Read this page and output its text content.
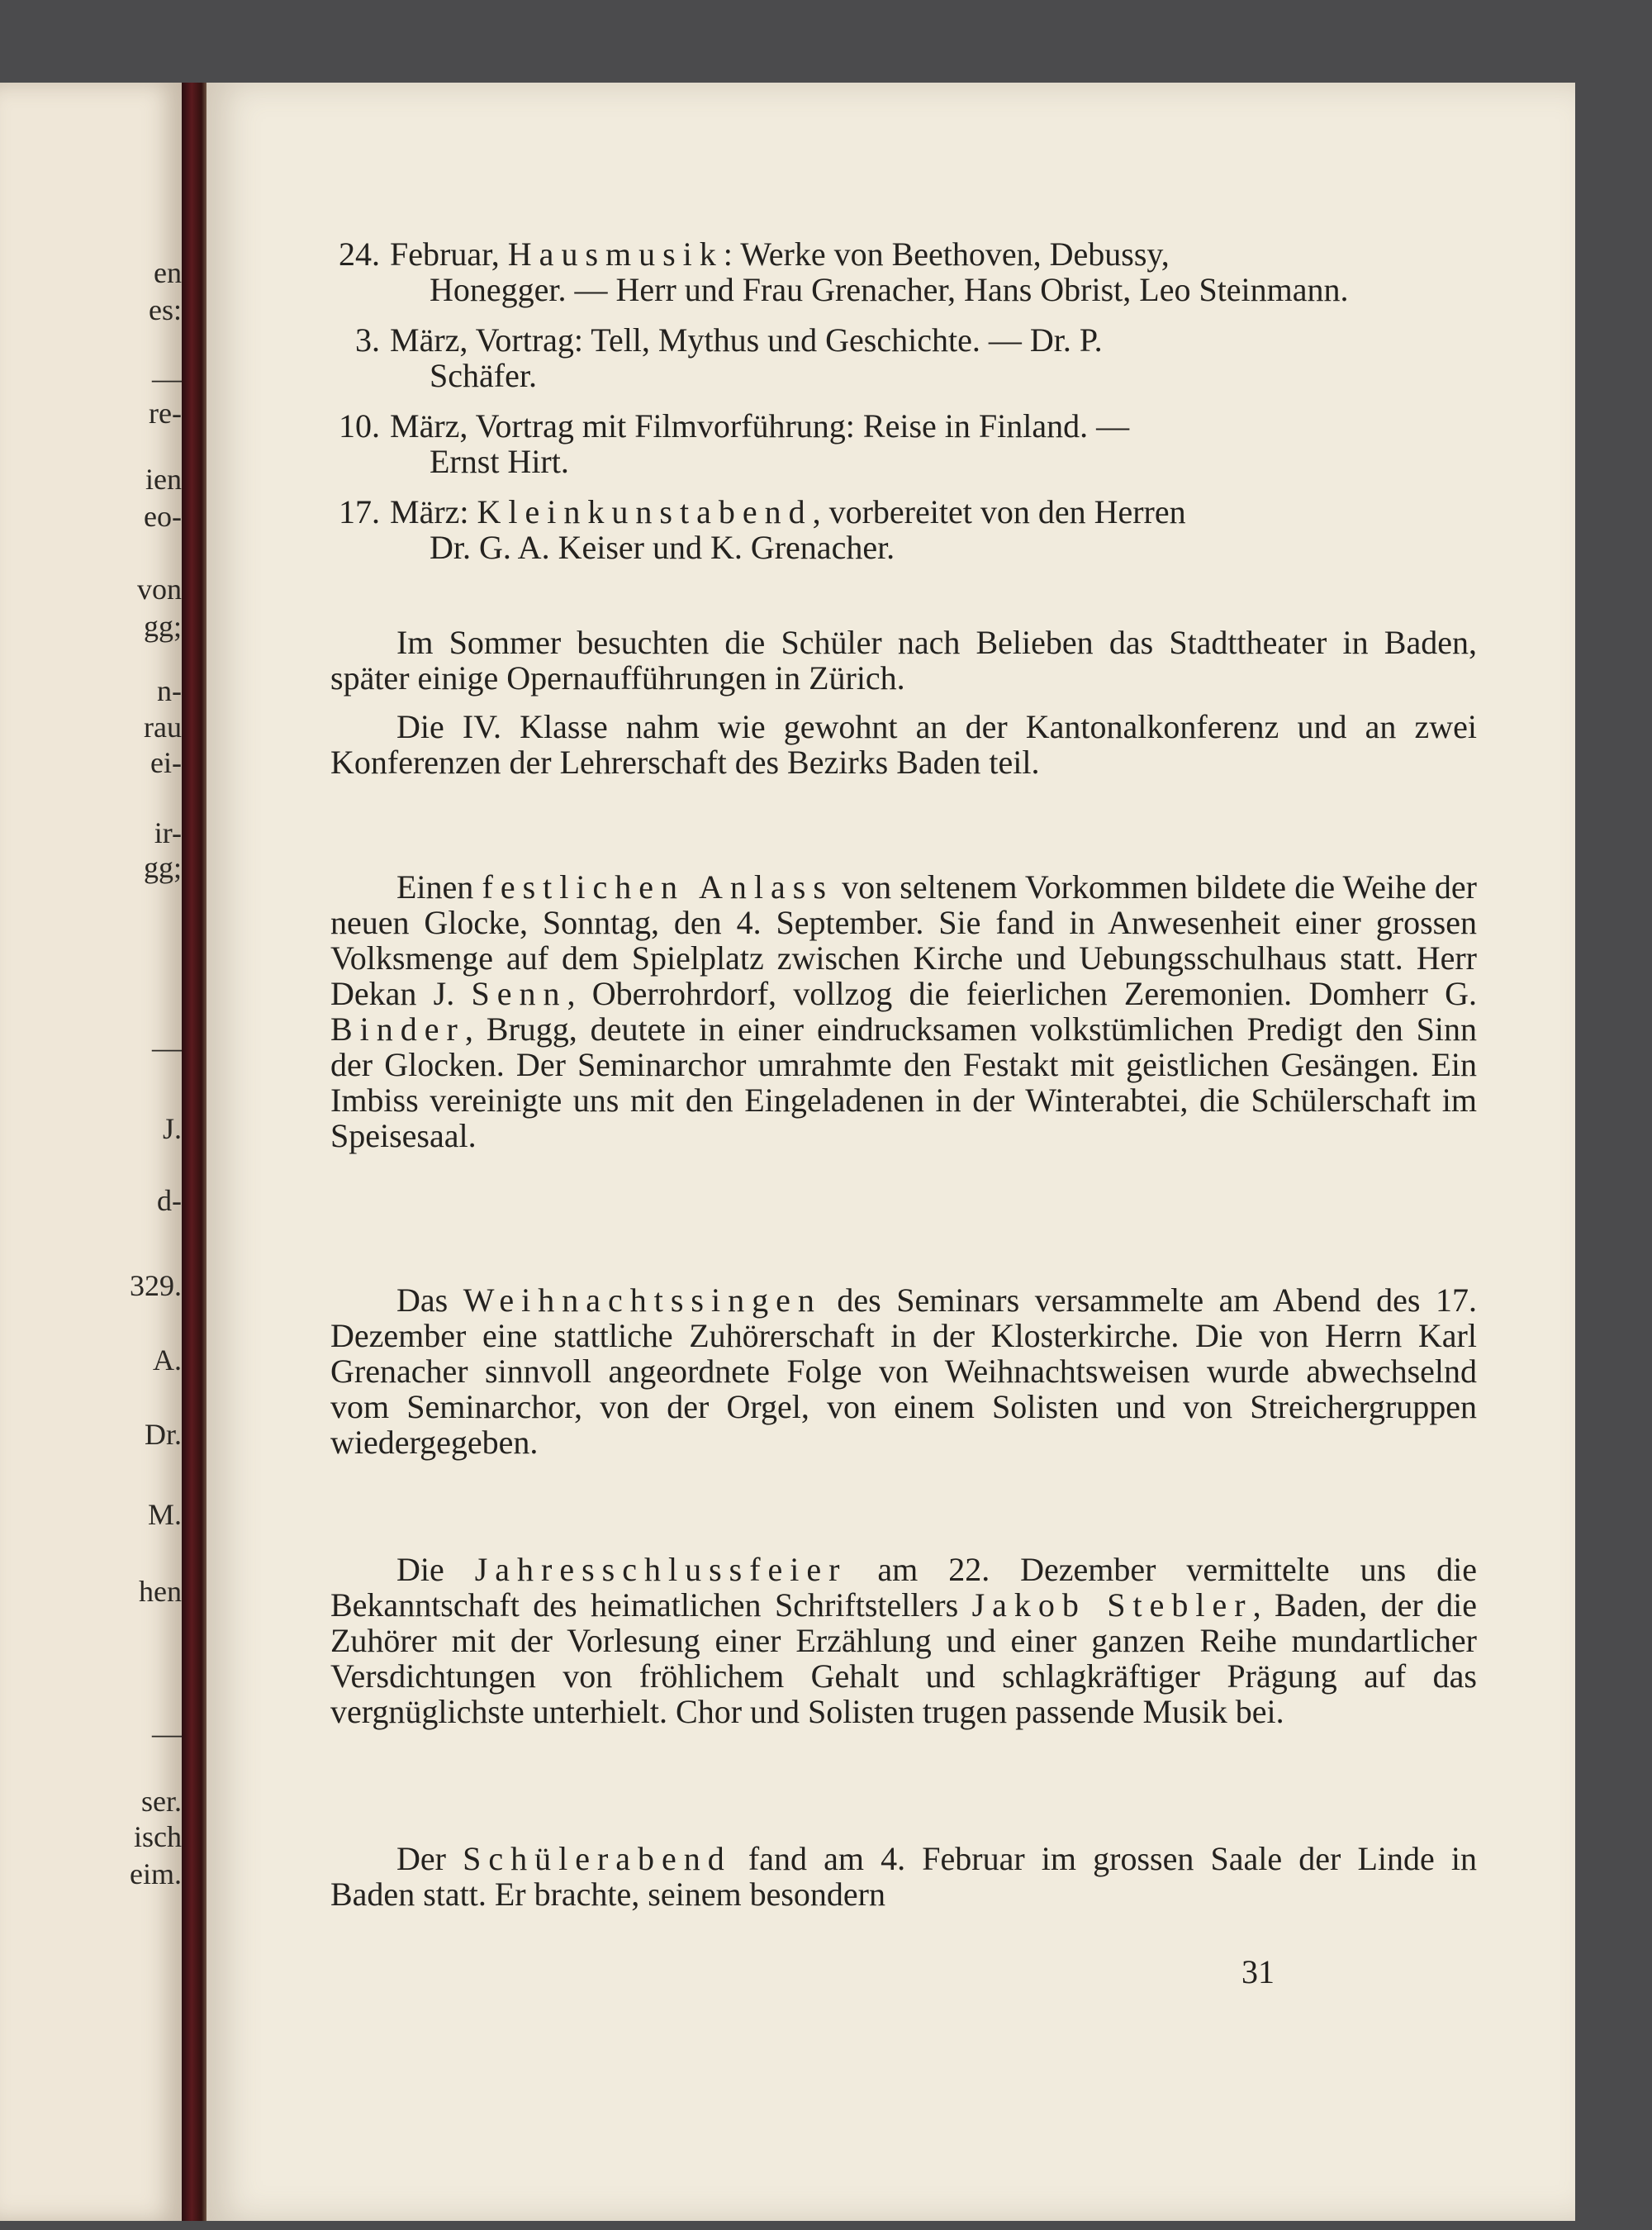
en
es:
—
re-
ien
eo-
von
gg;
n-
rau
ei-
ir-
gg;
—
J.
d-
329.
A.
Dr.
M.
hen
—
ser.
isch
eim.
24. Februar, Hausmusik: Werke von Beethoven, Debussy,
Honegger. — Herr und Frau Grenacher, Hans Obrist, Leo Steinmann.
3. März, Vortrag: Tell, Mythus und Geschichte. — Dr. P.
Schäfer.
10. März, Vortrag mit Filmvorführung: Reise in Finland. —
Ernst Hirt.
17. März: Kleinkunstabend, vorbereitet von den Herren
Dr. G. A. Keiser und K. Grenacher.

Im Sommer besuchten die Schüler nach Belieben das Stadttheater in Baden, später einige Opernaufführungen in Zürich.

Die IV. Klasse nahm wie gewohnt an der Kantonalkonferenz und an zwei Konferenzen der Lehrerschaft des Bezirks Baden teil.

Einen festlichen Anlass von seltenem Vorkommen bildete die Weihe der neuen Glocke, Sonntag, den 4. September. Sie fand in Anwesenheit einer grossen Volksmenge auf dem Spielplatz zwischen Kirche und Uebungsschulhaus statt. Herr Dekan J. Senn, Oberrohrdorf, vollzog die feierlichen Zeremonien. Domherr G. Binder, Brugg, deutete in einer eindrucksamen volkstümlichen Predigt den Sinn der Glocken. Der Seminarchor umrahmte den Festakt mit geistlichen Gesängen. Ein Imbiss vereinigte uns mit den Eingeladenen in der Winterabtei, die Schülerschaft im Speisesaal.

Das Weihnachtssingen des Seminars versammelte am Abend des 17. Dezember eine stattliche Zuhörerschaft in der Klosterkirche. Die von Herrn Karl Grenacher sinnvoll angeordnete Folge von Weihnachtsweisen wurde abwechselnd vom Seminarchor, von der Orgel, von einem Solisten und von Streichergruppen wiedergegeben.

Die Jahresschlussfeier am 22. Dezember vermittelte uns die Bekanntschaft des heimatlichen Schriftstellers Jakob Stebler, Baden, der die Zuhörer mit der Vorlesung einer Erzählung und einer ganzen Reihe mundartlicher Versdichtungen von fröhlichem Gehalt und schlagkräftiger Prägung auf das vergnüglichste unterhielt. Chor und Solisten trugen passende Musik bei.

Der Schülerabend fand am 4. Februar im grossen Saale der Linde in Baden statt. Er brachte, seinem besondern

31
